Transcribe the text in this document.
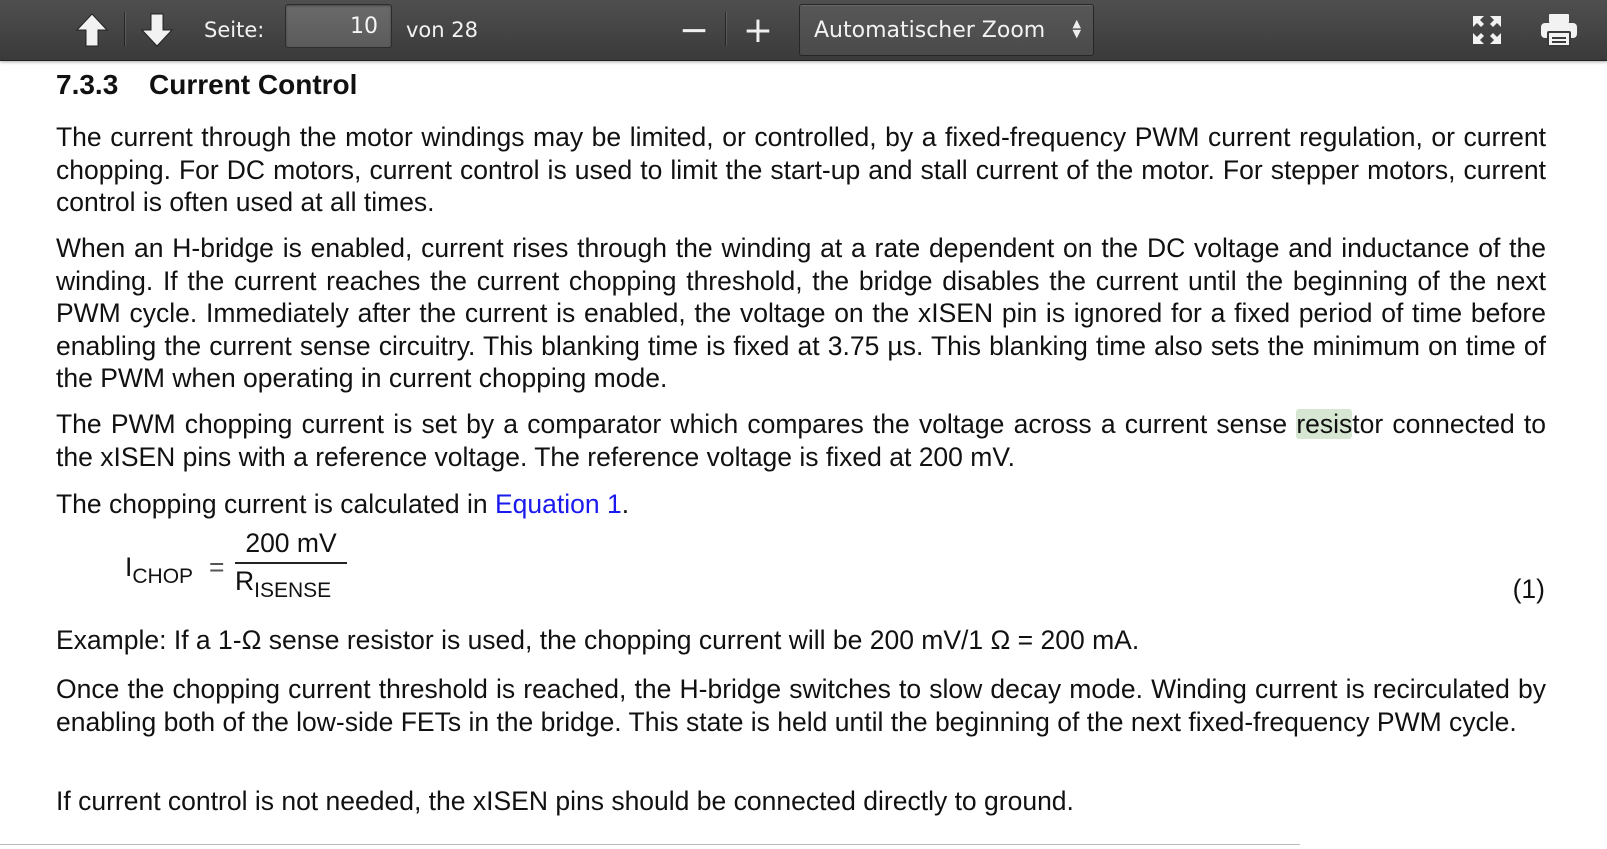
Seite:
10	von 28	− + Automatischer Zoom ▲
▼
7.3.3 Current Control

The current through the motor windings may be limited, or controlled, by a fixed-frequency PWM current regulation, or current chopping. For DC motors, current control is used to limit the start-up and stall current of the motor. For stepper motors, current control is often used at all times.

When an H-bridge is enabled, current rises through the winding at a rate dependent on the DC voltage and inductance of the winding. If the current reaches the current chopping threshold, the bridge disables the current until the beginning of the next PWM cycle. Immediately after the current is enabled, the voltage on the xISEN pin is ignored for a fixed period of time before enabling the current sense circuitry. This blanking time is fixed at 3.75 µs. This blanking time also sets the minimum on time of the PWM when operating in current chopping mode.

The PWM chopping current is set by a comparator which compares the voltage across a current sense resistor connected to the xISEN pins with a reference voltage. The reference voltage is fixed at 200 mV.

The chopping current is calculated in Equation 1.

$I_{CHOP}$ =
200 mV
$R_{ISENSE}$	(1)

Example: If a 1-Ω sense resistor is used, the chopping current will be 200 mV/1 Ω = 200 mA.

Once the chopping current threshold is reached, the H-bridge switches to slow decay mode. Winding current is recirculated by enabling both of the low-side FETs in the bridge. This state is held until the beginning of the next fixed-frequency PWM cycle.

If current control is not needed, the xISEN pins should be connected directly to ground.
